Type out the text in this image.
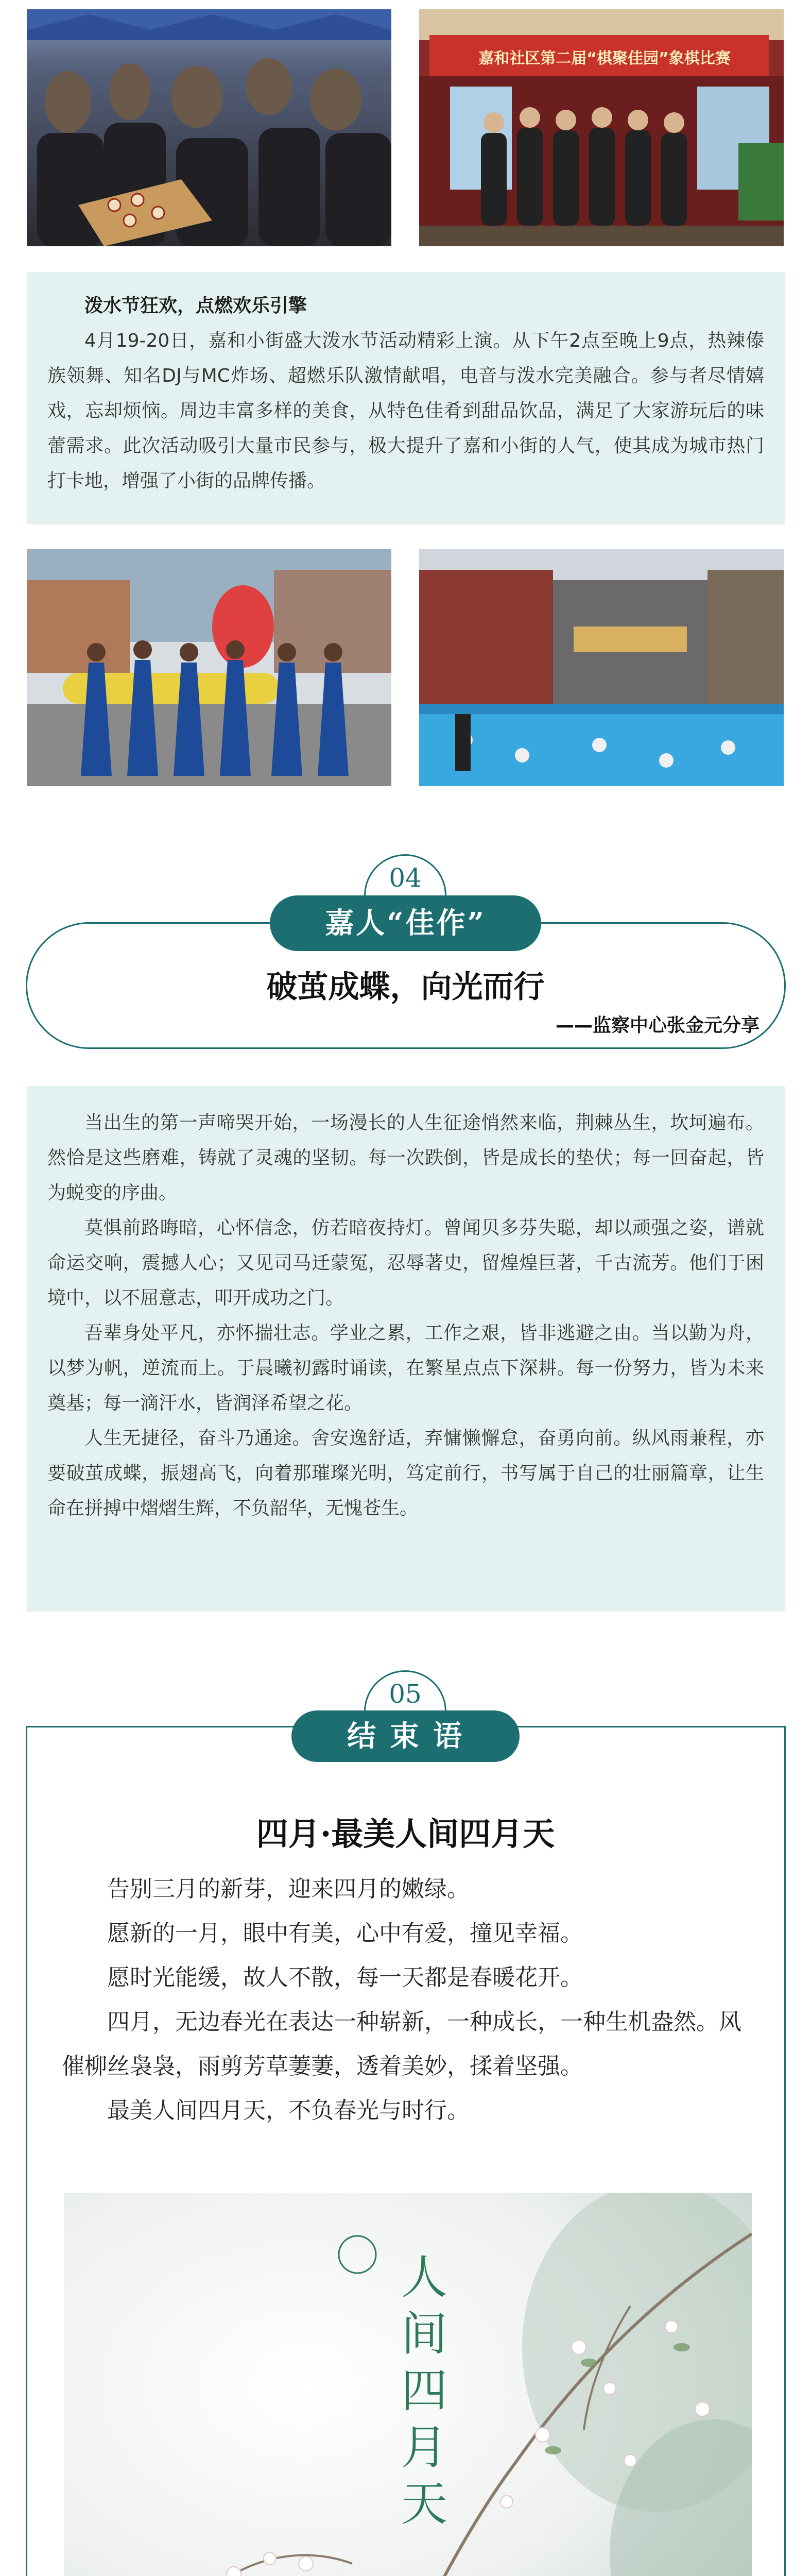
嘉和社区第二届“棋聚佳园”象棋比赛

泼水节狂欢，点燃欢乐引擎

4月19-20日，嘉和小街盛大泼水节活动精彩上演。从下午2点至晚上9点，热辣傣族领舞、知名DJ与MC炸场、超燃乐队激情献唱，电音与泼水完美融合。参与者尽情嬉戏，忘却烦恼。周边丰富多样的美食，从特色佳肴到甜品饮品，满足了大家游玩后的味蕾需求。此次活动吸引大量市民参与，极大提升了嘉和小街的人气，使其成为城市热门打卡地，增强了小街的品牌传播。

04
嘉人“佳作”
破茧成蝶，向光而行
——监察中心张金元分享

当出生的第一声啼哭开始，一场漫长的人生征途悄然来临，荆棘丛生，坎坷遍布。然恰是这些磨难，铸就了灵魂的坚韧。每一次跌倒，皆是成长的垫伏；每一回奋起，皆为蜕变的序曲。

莫惧前路晦暗，心怀信念，仿若暗夜持灯。曾闻贝多芬失聪，却以顽强之姿，谱就命运交响，震撼人心；又见司马迁蒙冤，忍辱著史，留煌煌巨著，千古流芳。他们于困境中，以不屈意志，叩开成功之门。

吾辈身处平凡，亦怀揣壮志。学业之累，工作之艰，皆非逃避之由。当以勤为舟，以梦为帆，逆流而上。于晨曦初露时诵读，在繁星点点下深耕。每一份努力，皆为未来奠基；每一滴汗水，皆润泽希望之花。

人生无捷径，奋斗乃通途。舍安逸舒适，弃慵懒懈怠，奋勇向前。纵风雨兼程，亦要破茧成蝶，振翅高飞，向着那璀璨光明，笃定前行，书写属于自己的壮丽篇章，让生命在拼搏中熠熠生辉，不负韶华，无愧苍生。

05
结 束 语
四月·最美人间四月天

告别三月的新芽，迎来四月的嫩绿。

愿新的一月，眼中有美，心中有爱，撞见幸福。

愿时光能缓，故人不散，每一天都是春暖花开。

四月，无边春光在表达一种崭新，一种成长，一种生机盎然。风催柳丝袅袅，雨剪芳草萋萋，透着美妙，揉着坚强。

最美人间四月天，不负春光与时行。

人
间
四
月
天
